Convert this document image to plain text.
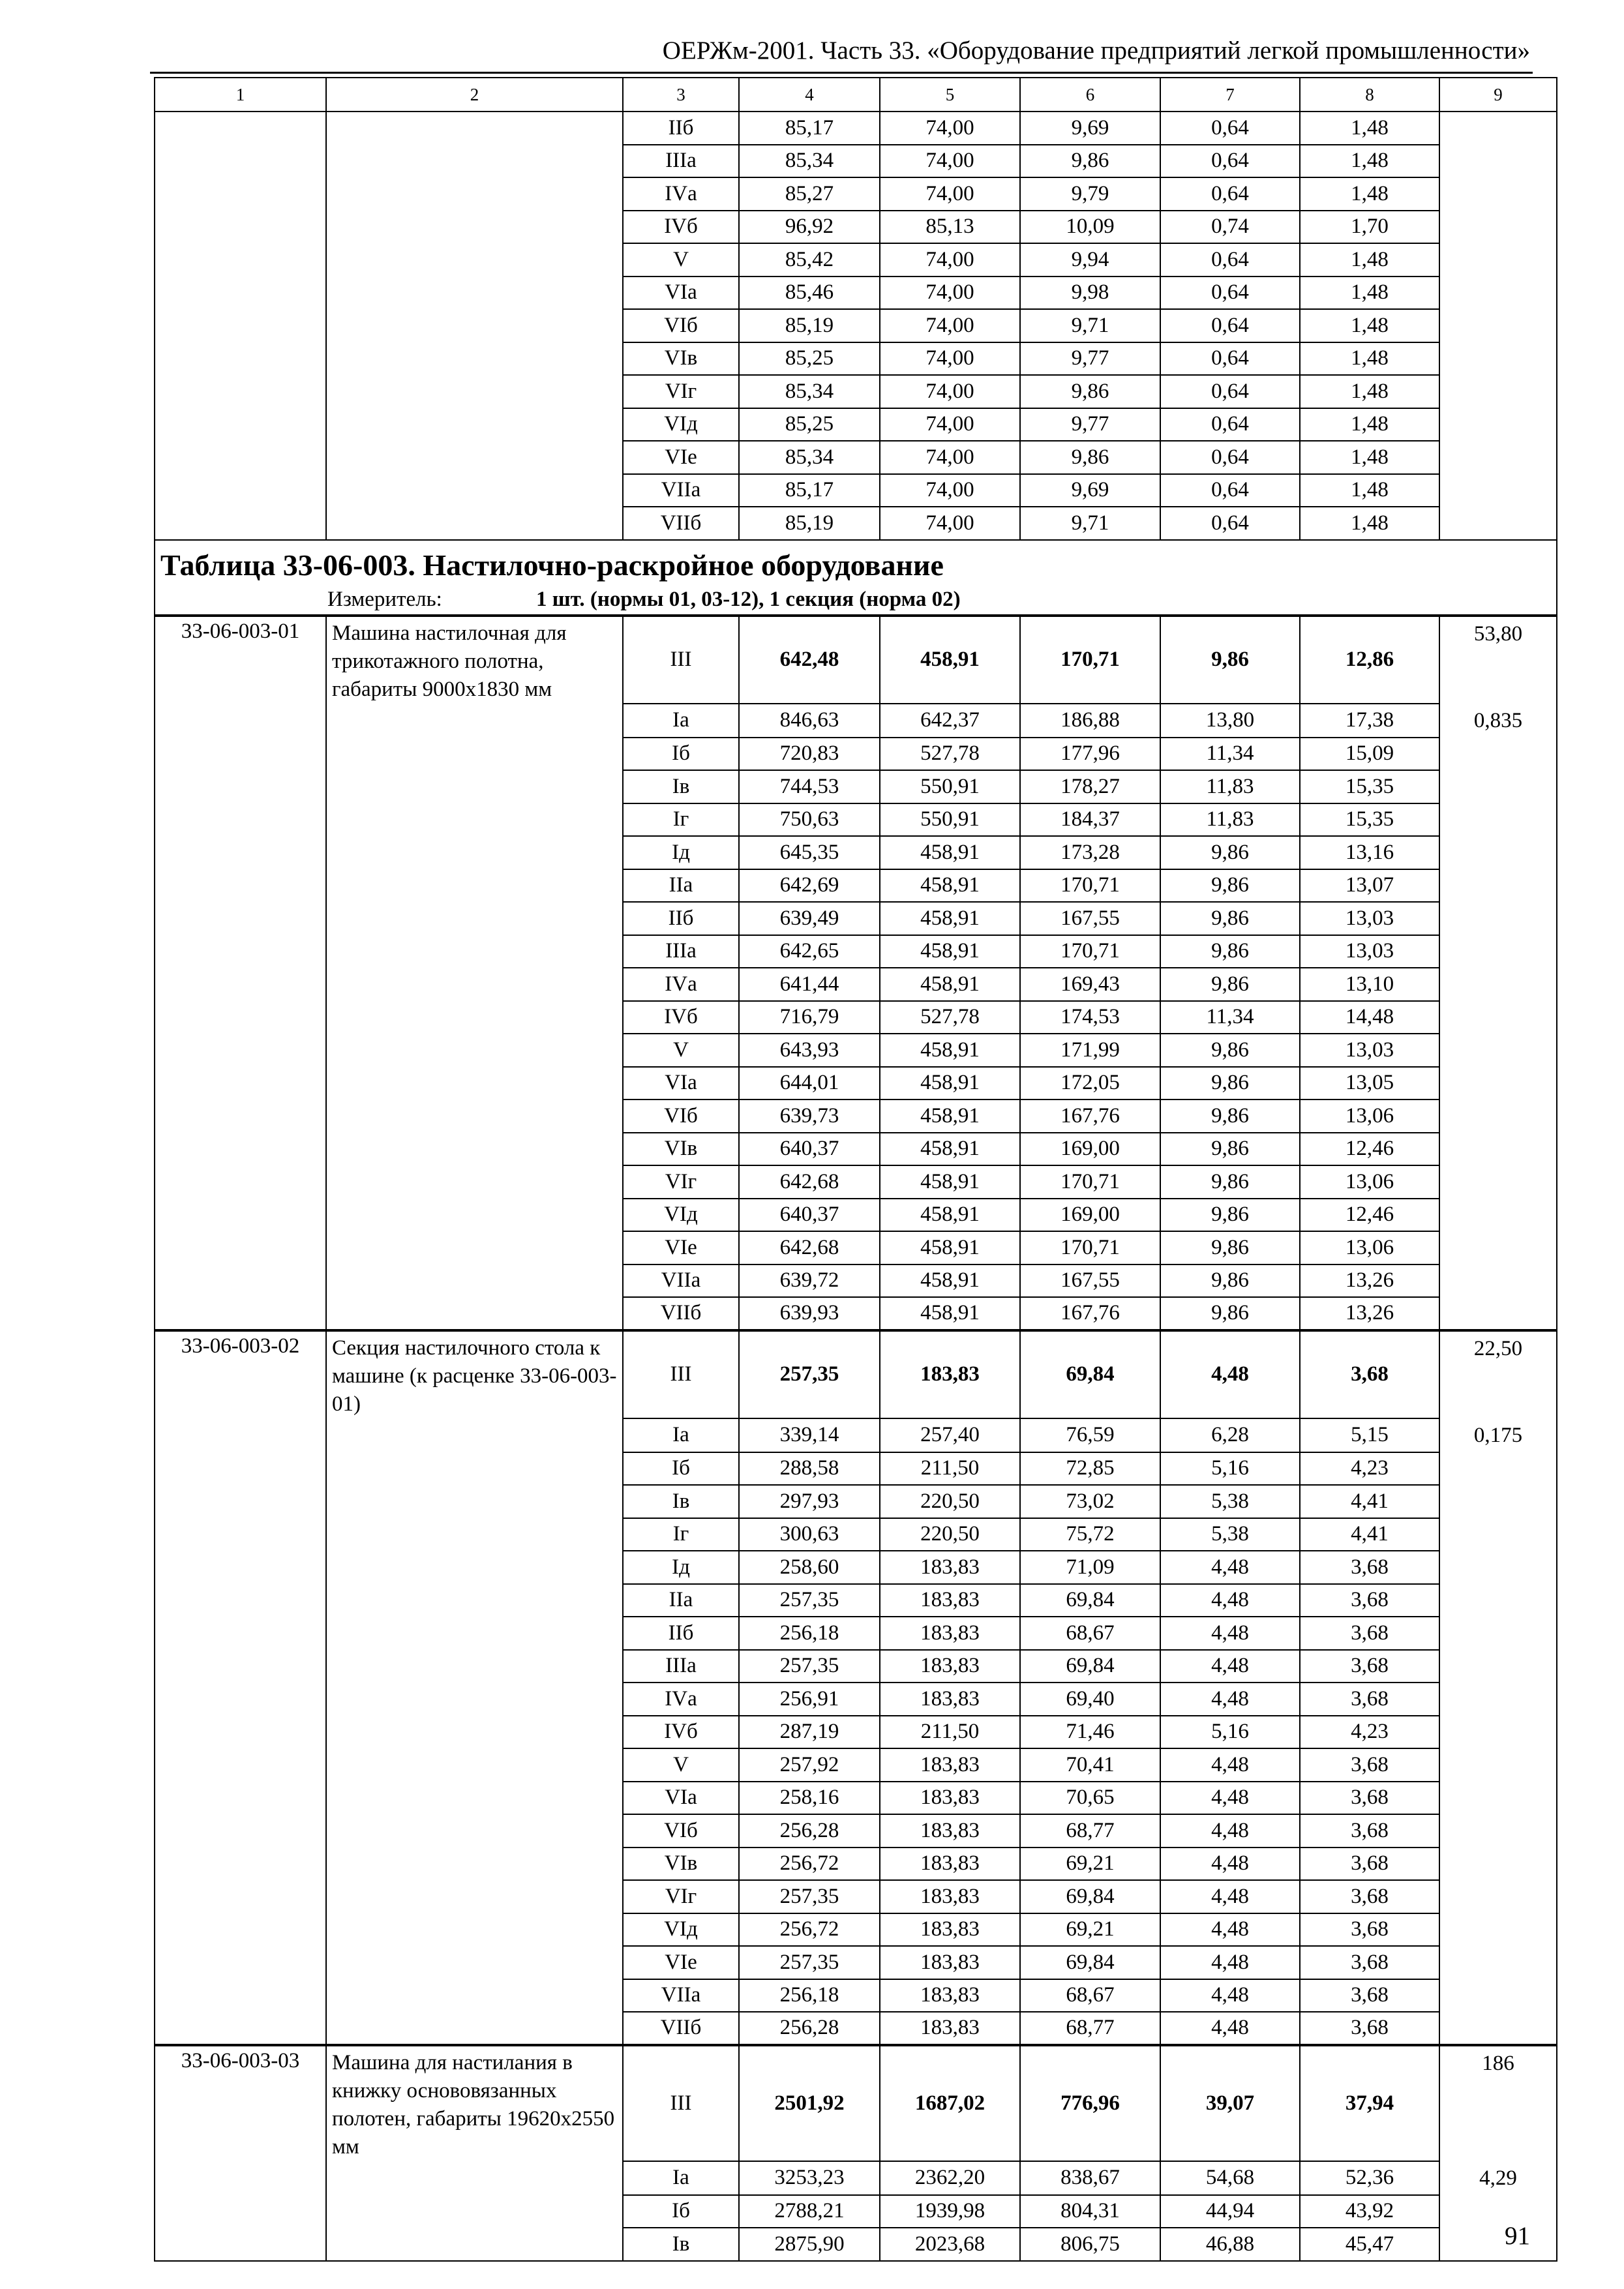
ОЕРЖм-2001. Часть 33. «Оборудование предприятий легкой промышленности»
1	2	3	4	5	6	7	8	9
		IIб	85,17	74,00	9,69	0,64	1,48	
		IIIа	85,34	74,00	9,86	0,64	1,48	
		IVа	85,27	74,00	9,79	0,64	1,48	
		IVб	96,92	85,13	10,09	0,74	1,70	
		V	85,42	74,00	9,94	0,64	1,48	
		VIа	85,46	74,00	9,98	0,64	1,48	
		VIб	85,19	74,00	9,71	0,64	1,48	
		VIв	85,25	74,00	9,77	0,64	1,48	
		VIг	85,34	74,00	9,86	0,64	1,48	
		VIд	85,25	74,00	9,77	0,64	1,48	
		VIе	85,34	74,00	9,86	0,64	1,48	
		VIIа	85,17	74,00	9,69	0,64	1,48	
		VIIб	85,19	74,00	9,71	0,64	1,48	
Таблица 33-06-003. Настилочно-раскройное оборудование								
Измеритель: 1 шт. (нормы 01, 03-12), 1 секция (норма 02)								
33-06-003-01	Машина настилочная для трикотажного полотна, габариты 9000х1830 мм	III	642,48	458,91	170,71	9,86	12,86	53,80
		Iа	846,63	642,37	186,88	13,80	17,38	0,835
		Iб	720,83	527,78	177,96	11,34	15,09	
		Iв	744,53	550,91	178,27	11,83	15,35	
		Iг	750,63	550,91	184,37	11,83	15,35	
		Iд	645,35	458,91	173,28	9,86	13,16	
		IIа	642,69	458,91	170,71	9,86	13,07	
		IIб	639,49	458,91	167,55	9,86	13,03	
		IIIа	642,65	458,91	170,71	9,86	13,03	
		IVа	641,44	458,91	169,43	9,86	13,10	
		IVб	716,79	527,78	174,53	11,34	14,48	
		V	643,93	458,91	171,99	9,86	13,03	
		VIа	644,01	458,91	172,05	9,86	13,05	
		VIб	639,73	458,91	167,76	9,86	13,06	
		VIв	640,37	458,91	169,00	9,86	12,46	
		VIг	642,68	458,91	170,71	9,86	13,06	
		VIд	640,37	458,91	169,00	9,86	12,46	
		VIе	642,68	458,91	170,71	9,86	13,06	
		VIIа	639,72	458,91	167,55	9,86	13,26	
		VIIб	639,93	458,91	167,76	9,86	13,26	
33-06-003-02	Секция настилочного стола к машине (к расценке 33-06-003-01)	III	257,35	183,83	69,84	4,48	3,68	22,50
		Iа	339,14	257,40	76,59	6,28	5,15	0,175
		Iб	288,58	211,50	72,85	5,16	4,23	
		Iв	297,93	220,50	73,02	5,38	4,41	
		Iг	300,63	220,50	75,72	5,38	4,41	
		Iд	258,60	183,83	71,09	4,48	3,68	
		IIа	257,35	183,83	69,84	4,48	3,68	
		IIб	256,18	183,83	68,67	4,48	3,68	
		IIIа	257,35	183,83	69,84	4,48	3,68	
		IVа	256,91	183,83	69,40	4,48	3,68	
		IVб	287,19	211,50	71,46	5,16	4,23	
		V	257,92	183,83	70,41	4,48	3,68	
		VIа	258,16	183,83	70,65	4,48	3,68	
		VIб	256,28	183,83	68,77	4,48	3,68	
		VIв	256,72	183,83	69,21	4,48	3,68	
		VIг	257,35	183,83	69,84	4,48	3,68	
		VIд	256,72	183,83	69,21	4,48	3,68	
		VIе	257,35	183,83	69,84	4,48	3,68	
		VIIа	256,18	183,83	68,67	4,48	3,68	
		VIIб	256,28	183,83	68,77	4,48	3,68	
33-06-003-03	Машина для настилания в книжку основовязанных полотен, габариты 19620х2550 мм	III	2501,92	1687,02	776,96	39,07	37,94	186
		Iа	3253,23	2362,20	838,67	54,68	52,36	4,29
		Iб	2788,21	1939,98	804,31	44,94	43,92	
		Iв	2875,90	2023,68	806,75	46,88	45,47		91
